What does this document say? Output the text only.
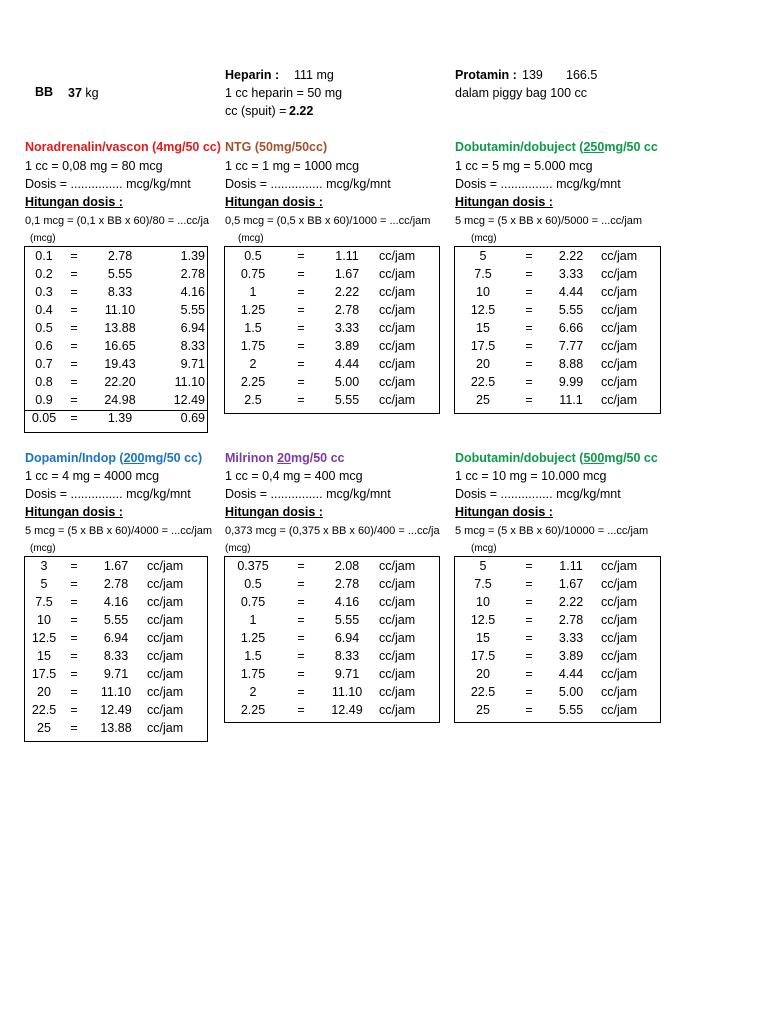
BB 37 kg
Heparin : 111 mg
1 cc heparin = 50 mg
cc (spuit) = 2.22
Protamin : 139 166.5
dalam piggy bag 100 cc
Noradrenalin/vascon (4mg/50 cc)
1 cc = 0,08 mg = 80 mcg
Dosis = ............... mcg/kg/mnt
Hitungan dosis :
0,1 mcg = (0,1 x BB x 60)/80 = ...cc/ja
(mcg)
0.1	=	2.78	1.39
0.2	=	5.55	2.78
0.3	=	8.33	4.16
0.4	=	11.10	5.55
0.5	=	13.88	6.94
0.6	=	16.65	8.33
0.7	=	19.43	9.71
0.8	=	22.20	11.10
0.9	=	24.98	12.49
0.05	=	1.39	0.69
NTG (50mg/50cc)
1 cc = 1 mg = 1000 mcg
Dosis = ............... mcg/kg/mnt
Hitungan dosis :
0,5 mcg = (0,5 x BB x 60)/1000 = ...cc/jam
(mcg)
0.5	=	1.11	cc/jam
0.75	=	1.67	cc/jam
1	=	2.22	cc/jam
1.25	=	2.78	cc/jam
1.5	=	3.33	cc/jam
1.75	=	3.89	cc/jam
2	=	4.44	cc/jam
2.25	=	5.00	cc/jam
2.5	=	5.55	cc/jam
Dobutamin/dobuject (250mg/50 cc
1 cc = 5 mg = 5.000 mcg
Dosis = ............... mcg/kg/mnt
Hitungan dosis :
5 mcg = (5 x BB x 60)/5000 = ...cc/jam
(mcg)
5	=	2.22	cc/jam
7.5	=	3.33	cc/jam
10	=	4.44	cc/jam
12.5	=	5.55	cc/jam
15	=	6.66	cc/jam
17.5	=	7.77	cc/jam
20	=	8.88	cc/jam
22.5	=	9.99	cc/jam
25	=	11.1	cc/jam
Dopamin/Indop (200mg/50 cc)
1 cc = 4 mg = 4000 mcg
Dosis = ............... mcg/kg/mnt
Hitungan dosis :
5 mcg = (5 x BB x 60)/4000 = ...cc/jam
(mcg)
3	=	1.67	cc/jam
5	=	2.78	cc/jam
7.5	=	4.16	cc/jam
10	=	5.55	cc/jam
12.5	=	6.94	cc/jam
15	=	8.33	cc/jam
17.5	=	9.71	cc/jam
20	=	11.10	cc/jam
22.5	=	12.49	cc/jam
25	=	13.88	cc/jam
Milrinon 20mg/50 cc
1 cc = 0,4 mg = 400 mcg
Dosis = ............... mcg/kg/mnt
Hitungan dosis :
0,373 mcg = (0,375 x BB x 60)/400 = ...cc/ja
(mcg)
0.375	=	2.08	cc/jam
0.5	=	2.78	cc/jam
0.75	=	4.16	cc/jam
1	=	5.55	cc/jam
1.25	=	6.94	cc/jam
1.5	=	8.33	cc/jam
1.75	=	9.71	cc/jam
2	=	11.10	cc/jam
2.25	=	12.49	cc/jam
Dobutamin/dobuject (500mg/50 cc
1 cc = 10 mg = 10.000 mcg
Dosis = ............... mcg/kg/mnt
Hitungan dosis :
5 mcg = (5 x BB x 60)/10000 = ...cc/jam
(mcg)
5	=	1.11	cc/jam
7.5	=	1.67	cc/jam
10	=	2.22	cc/jam
12.5	=	2.78	cc/jam
15	=	3.33	cc/jam
17.5	=	3.89	cc/jam
20	=	4.44	cc/jam
22.5	=	5.00	cc/jam
25	=	5.55	cc/jam
